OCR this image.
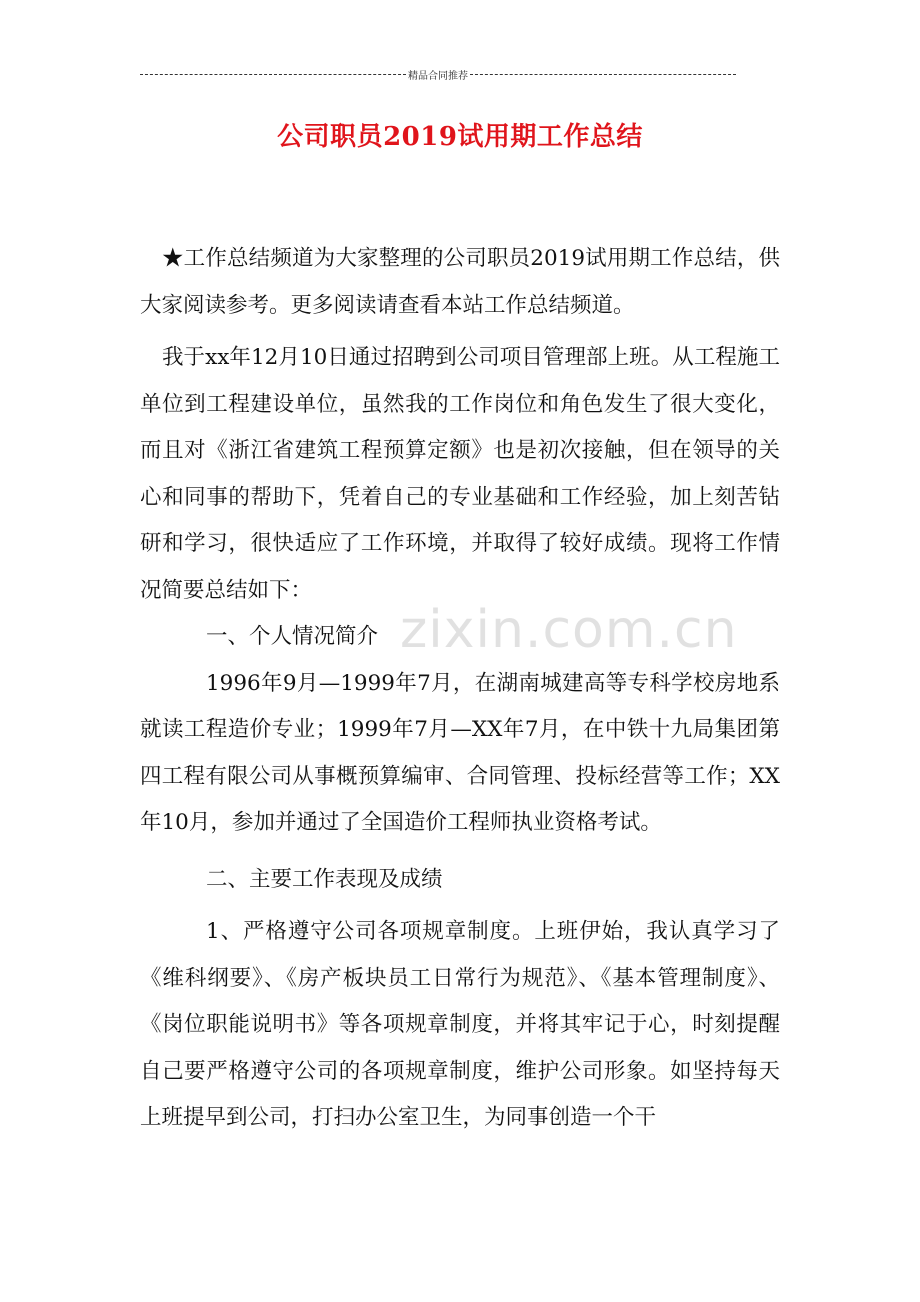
精品合同推荐
公司职员2019试用期工作总结

★工作总结频道为大家整理的公司职员2019试用期工作总结，供大家阅读参考。更多阅读请查看本站工作总结频道。

我于xx年12月10日通过招聘到公司项目管理部上班。从工程施工单位到工程建设单位，虽然我的工作岗位和角色发生了很大变化，而且对《浙江省建筑工程预算定额》也是初次接触，但在领导的关心和同事的帮助下，凭着自己的专业基础和工作经验，加上刻苦钻研和学习，很快适应了工作环境，并取得了较好成绩。现将工作情况简要总结如下：

一、个人情况简介

1996年9月—1999年7月，在湖南城建高等专科学校房地系就读工程造价专业；1999年7月—XX年7月，在中铁十九局集团第四工程有限公司从事概预算编审、合同管理、投标经营等工作；XX年10月，参加并通过了全国造价工程师执业资格考试。

二、主要工作表现及成绩

1、严格遵守公司各项规章制度。上班伊始，我认真学习了《维科纲要》、《房产板块员工日常行为规范》、《基本管理制度》、《岗位职能说明书》等各项规章制度，并将其牢记于心，时刻提醒自己要严格遵守公司的各项规章制度，维护公司形象。如坚持每天上班提早到公司，打扫办公室卫生，为同事创造一个干

zixin.com.cn
